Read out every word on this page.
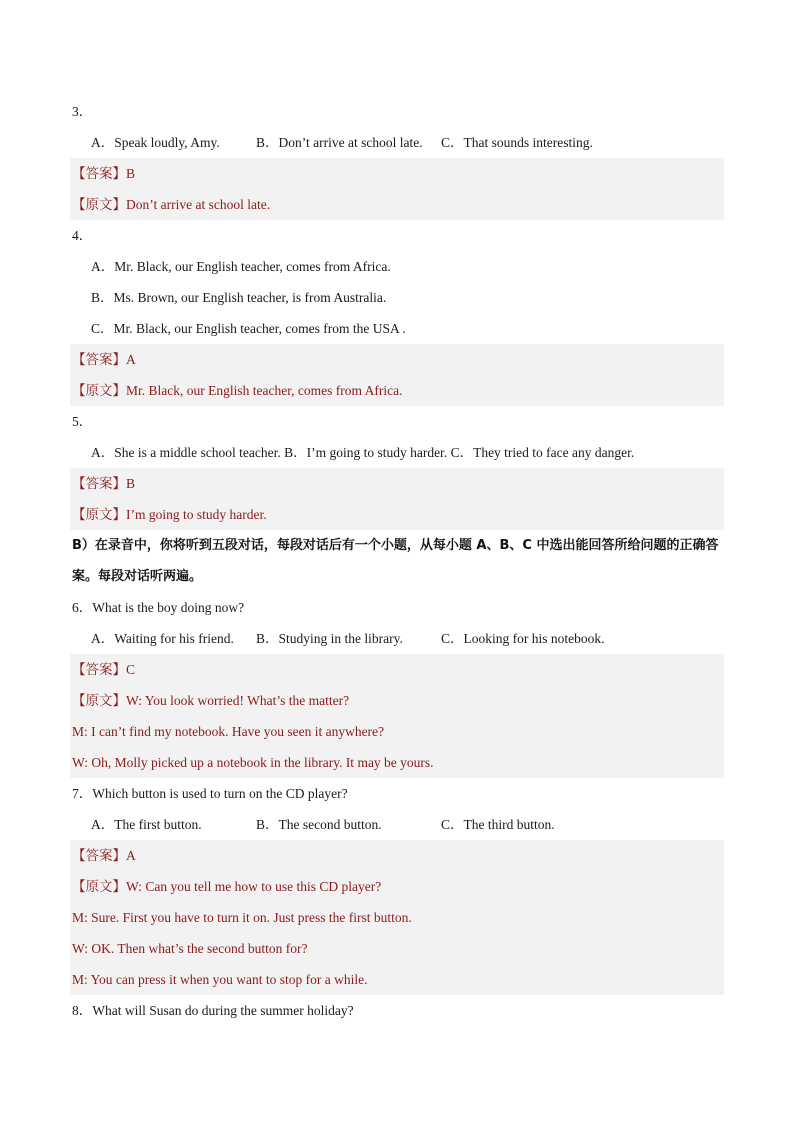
3．
A．Speak loudly, Amy.	B．Don’t arrive at school late. C．That sounds interesting.
【答案】B
【原文】Don’t arrive at school late.
4．
A．Mr. Black, our English teacher, comes from Africa.
B．Ms. Brown, our English teacher, is from Australia.
C．Mr. Black, our English teacher, comes from the USA .
【答案】A
【原文】Mr. Black, our English teacher, comes from Africa.
5．
A．She is a middle school teacher. B．I’m going to study harder. C．They tried to face any danger.
【答案】B
【原文】I’m going to study harder.
B）在录音中，你将听到五段对话，每段对话后有一个小题，从每小题 A、B、C 中选出能回答所给问题的正确答案。每段对话听两遍。
6．What is the boy doing now?
A．Waiting for his friend. B．Studying in the library.	C．Looking for his notebook.
【答案】C
【原文】W: You look worried! What’s the matter?
M: I can’t find my notebook. Have you seen it anywhere?
W: Oh, Molly picked up a notebook in the library. It may be yours.
7．Which button is used to turn on the CD player?
A．The first button.	B．The second button.	C．The third button.
【答案】A
【原文】W: Can you tell me how to use this CD player?
M: Sure. First you have to turn it on. Just press the first button.
W: OK. Then what’s the second button for?
M: You can press it when you want to stop for a while.
8．What will Susan do during the summer holiday?
